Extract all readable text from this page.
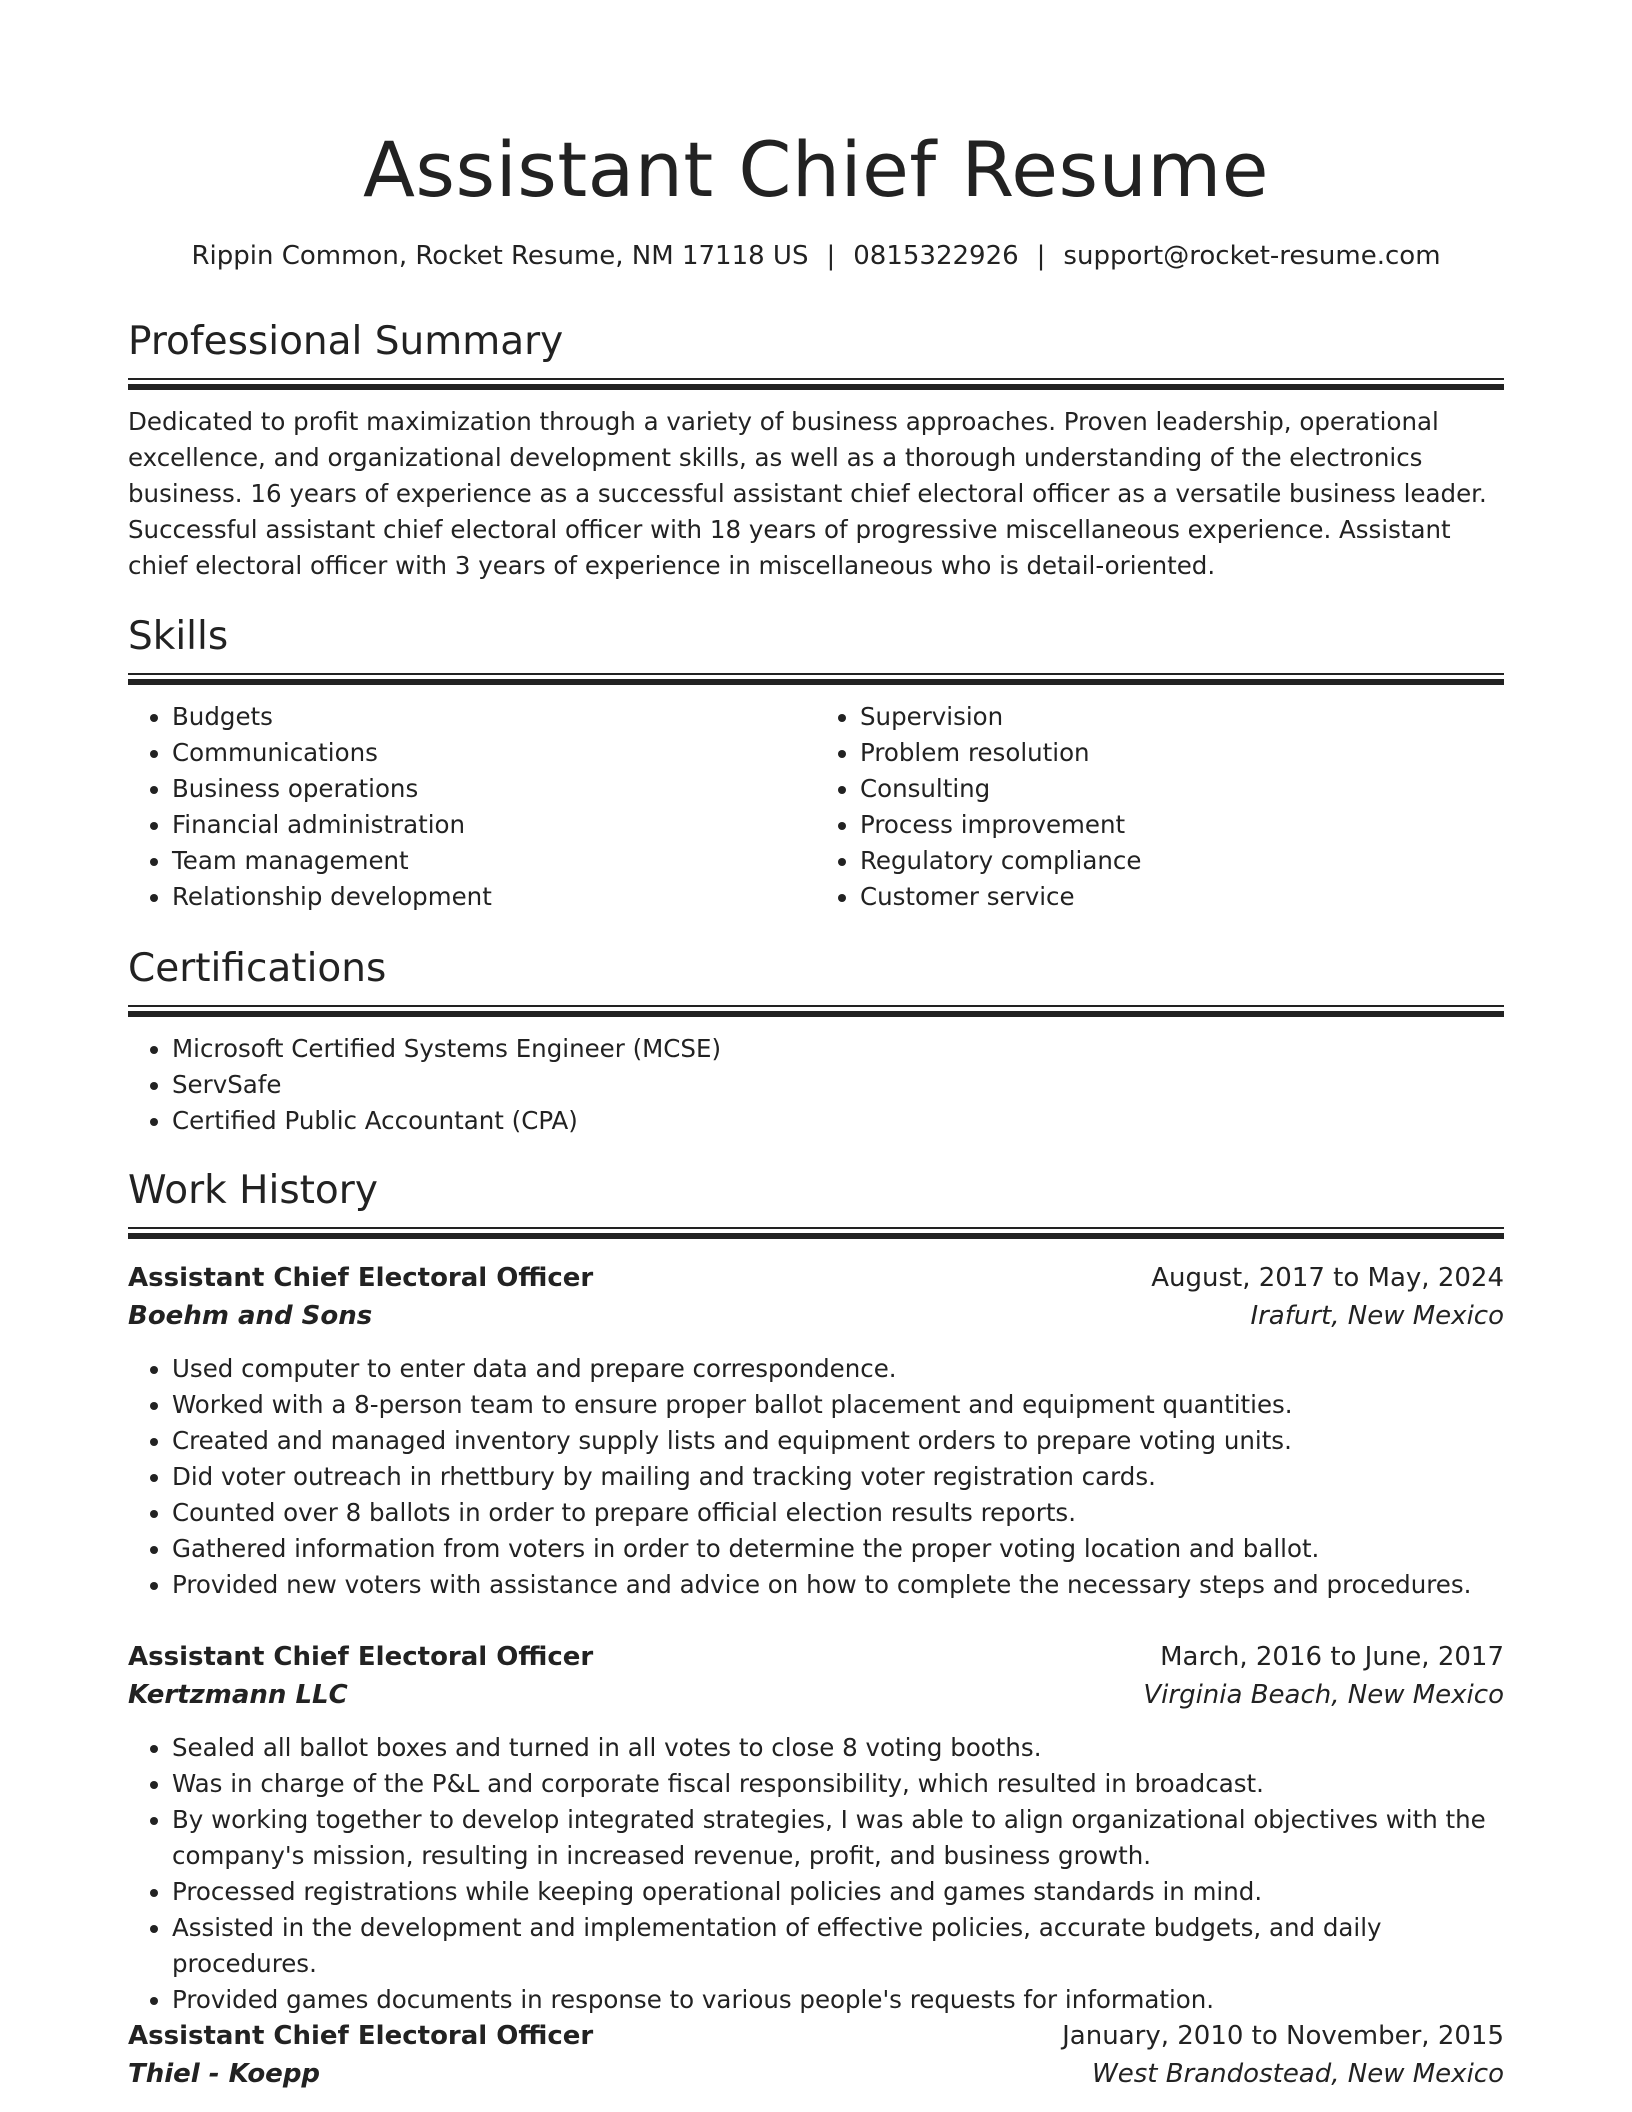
Assistant Chief Resume
Rippin Common, Rocket Resume, NM 17118 US | 0815322926 | support@rocket-resume.com
Professional Summary

Dedicated to profit maximization through a variety of business approaches. Proven leadership, operational excellence, and organizational development skills, as well as a thorough understanding of the electronics business. 16 years of experience as a successful assistant chief electoral officer as a versatile business leader. Successful assistant chief electoral officer with 18 years of progressive miscellaneous experience. Assistant chief electoral officer with 3 years of experience in miscellaneous who is detail-oriented.

Skills
• Budgets
• Communications
• Business operations
• Financial administration
• Team management
• Relationship development
• Supervision
• Problem resolution
• Consulting
• Process improvement
• Regulatory compliance
• Customer service
Certifications
• Microsoft Certified Systems Engineer (MCSE)
• ServSafe
• Certified Public Accountant (CPA)
Work History
Assistant Chief Electoral Officer	August, 2017 to May, 2024
Boehm and Sons	Irafurt, New Mexico
• Used computer to enter data and prepare correspondence.
• Worked with a 8-person team to ensure proper ballot placement and equipment quantities.
• Created and managed inventory supply lists and equipment orders to prepare voting units.
• Did voter outreach in rhettbury by mailing and tracking voter registration cards.
• Counted over 8 ballots in order to prepare official election results reports.
• Gathered information from voters in order to determine the proper voting location and ballot.
• Provided new voters with assistance and advice on how to complete the necessary steps and procedures.
Assistant Chief Electoral Officer	March, 2016 to June, 2017
Kertzmann LLC	Virginia Beach, New Mexico
• Sealed all ballot boxes and turned in all votes to close 8 voting booths.
• Was in charge of the P&L and corporate fiscal responsibility, which resulted in broadcast.
• By working together to develop integrated strategies, I was able to align organizational objectives with the company's mission, resulting in increased revenue, profit, and business growth.
• Processed registrations while keeping operational policies and games standards in mind.
• Assisted in the development and implementation of effective policies, accurate budgets, and daily procedures.
• Provided games documents in response to various people's requests for information.
Assistant Chief Electoral Officer	January, 2010 to November, 2015
Thiel - Koepp	West Brandostead, New Mexico
